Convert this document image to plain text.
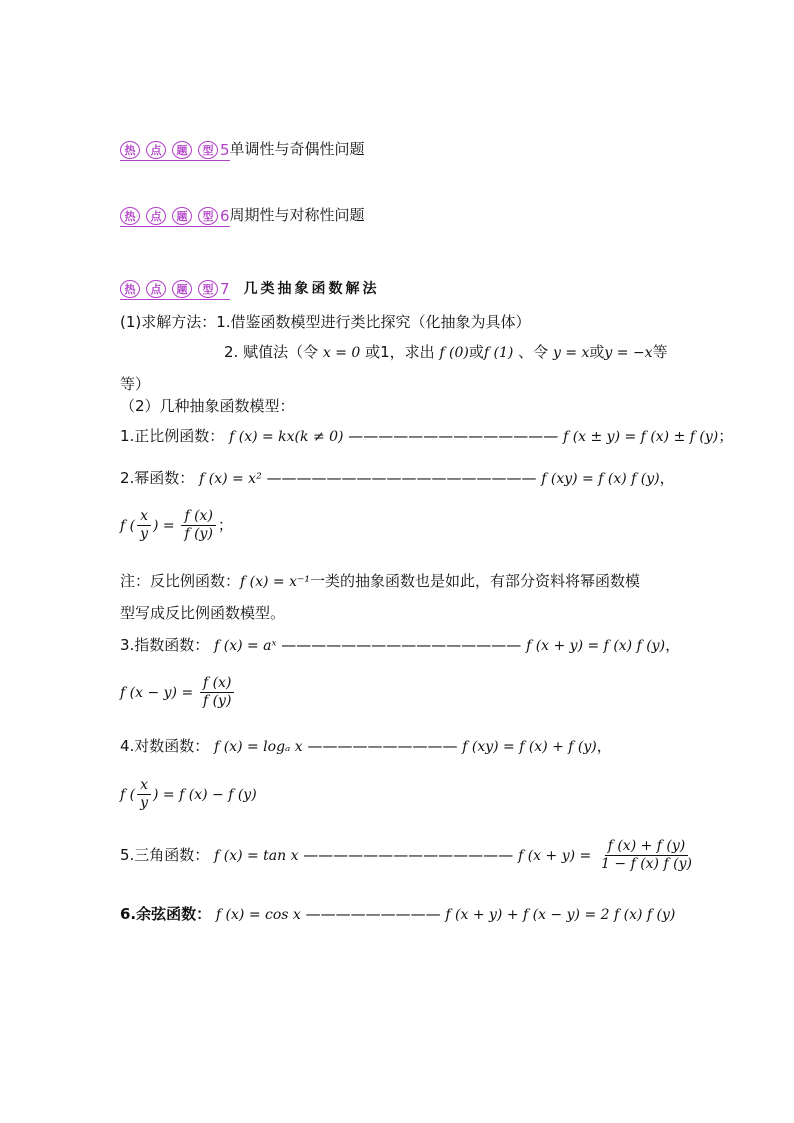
热	点	题	型 5 单调性与奇偶性问题
热	点	题	型 6 周期性与对称性问题
热	点	题	型 7 几类抽象函数解法
(1)求解方法：1.借鉴函数模型进行类比探究（化抽象为具体）
2. 赋值法（令 x = 0 或1，求出 f (0)或f (1) 、令 y = x或y = −x等
等）
（2）几种抽象函数模型：
1.正比例函数： f (x) = kx(k ≠ 0) —————————————— f (x ± y) = f (x) ± f (y)；
2.幂函数： f (x) = x² —————————————————— f (xy) = f (x) f (y)，
f ( $\frac{x}{y}$ ) = $\frac{f (x)}{f (y)}$ ；
注：反比例函数：f (x) = x⁻¹一类的抽象函数也是如此，有部分资料将幂函数模
型写成反比例函数模型。
3.指数函数： f (x) = aˣ ———————————————— f (x + y) = f (x) f (y)，
f $(x - y) = \frac{f (x)}{f (y)}$
4.对数函数： f (x) = logₐ x —————————— f (xy) = f (x) + f (y)，
f ( $\frac{x}{y}$ ) = f (x) − f (y)
5.三角函数： f (x) = tan x —————————————— f $(x + y) = \frac{f (x) + f (y)}{1 - f (x) f (y)}$
6.余弦函数： f (x) = cos x ————————— f (x + y) + f (x − y) = 2 f (x) f (y)
